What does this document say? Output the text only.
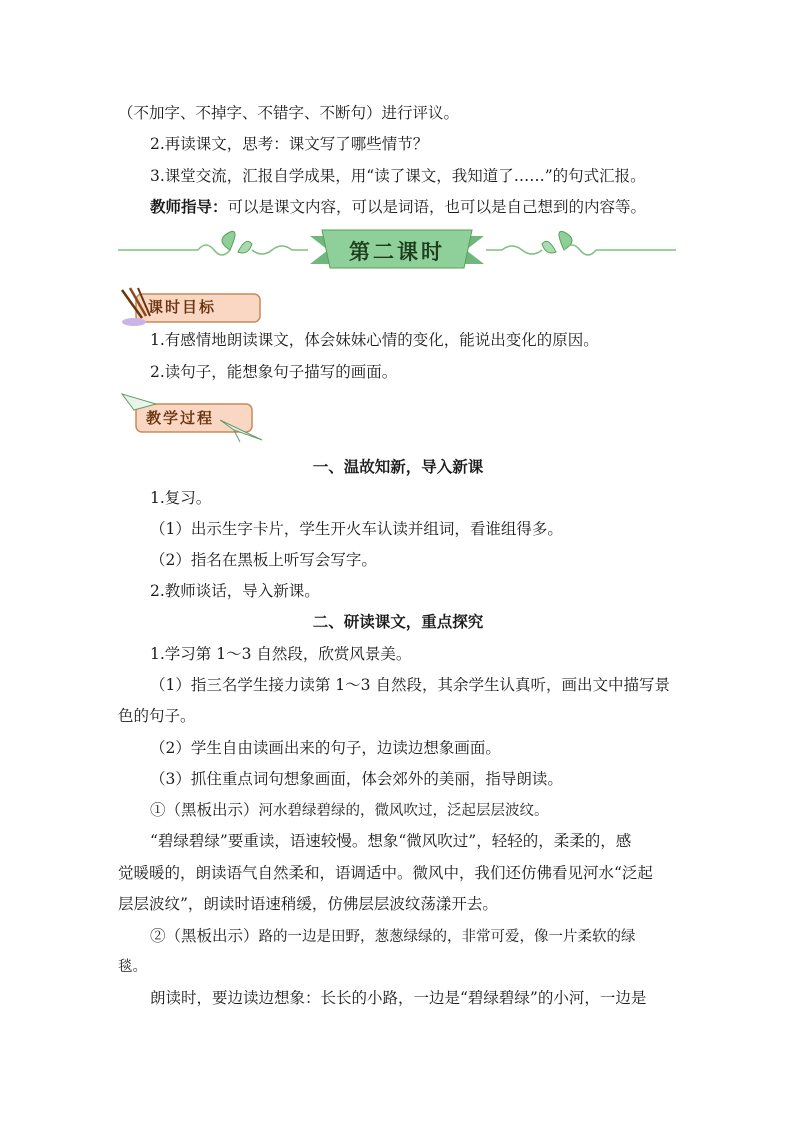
（不加字、不掉字、不错字、不断句）进行评议。
2.再读课文，思考：课文写了哪些情节？
3.课堂交流，汇报自学成果，用“读了课文，我知道了……”的句式汇报。
教师指导：可以是课文内容，可以是词语，也可以是自己想到的内容等。
第二课时
课时目标
1.有感情地朗读课文，体会妹妹心情的变化，能说出变化的原因。
2.读句子，能想象句子描写的画面。
教学过程
一、温故知新，导入新课
1.复习。
（1）出示生字卡片，学生开火车认读并组词，看谁组得多。
（2）指名在黑板上听写会写字。
2.教师谈话，导入新课。
二、研读课文，重点探究
1.学习第 1～3 自然段，欣赏风景美。
（1）指三名学生接力读第 1～3 自然段，其余学生认真听，画出文中描写景
色的句子。
（2）学生自由读画出来的句子，边读边想象画面。
（3）抓住重点词句想象画面，体会郊外的美丽，指导朗读。
①（黑板出示）河水碧绿碧绿的，微风吹过，泛起层层波纹。
“碧绿碧绿”要重读，语速较慢。想象“微风吹过”，轻轻的，柔柔的，感
觉暖暖的，朗读语气自然柔和，语调适中。微风中，我们还仿佛看见河水“泛起
层层波纹”，朗读时语速稍缓，仿佛层层波纹荡漾开去。
②（黑板出示）路的一边是田野，葱葱绿绿的，非常可爱，像一片柔软的绿
毯。
朗读时，要边读边想象：长长的小路，一边是“碧绿碧绿”的小河，一边是
